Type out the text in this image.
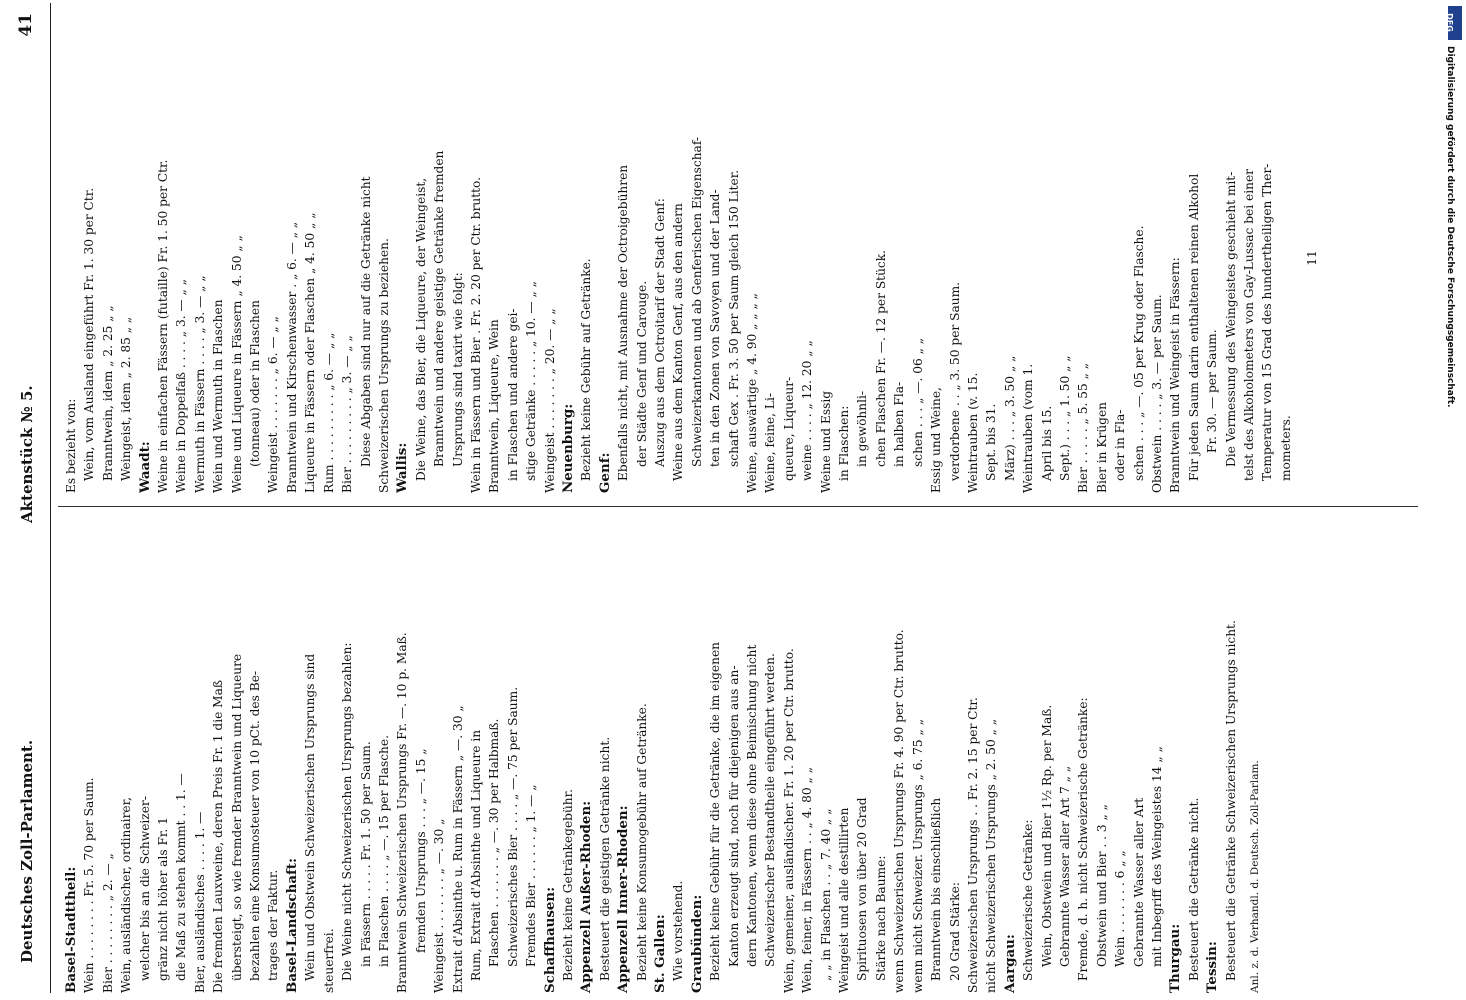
Deutsches Zoll-Parlament.
Aktenstück № 5.
41

Basel-Stadttheil: Wein . . . . . . . . Fr. 5. 70 per Saum. Bier . . . . . . . . „ 2. — „ Wein, ausländischer, ordinairer, welcher bis an die Schweizer- gränz nicht höher als Fr. 1 die Maß zu stehen kommt . . 1. — Bier, ausländisches . . . . 1. — Die fremden Lauxweine, deren Preis Fr. 1 die Maß übersteigt, so wie fremder Branntwein und Liqueure bezahlen eine Konsumosteuer von 10 pCt. des Be- trages der Faktur. Basel-Landschaft: Wein und Obstwein Schweizerischen Ursprungs sind steuerfrei. Die Weine nicht Schweizerischen Ursprungs bezahlen: in Fässern . . . . . Fr. 1. 50 per Saum. in Flaschen . . . . „ —. 15 per Flasche. Branntwein Schweizerischen Ursprungs Fr. —. 10 p. Maß. fremden Ursprungs . . . „ —. 15 „ Weingeist . . . . . . . „ —. 30 „ Extrait d'Absinthe u. Rum in Fässern „ —. 30 „ Rum, Extrait d'Absinthe und Liqueure in Flaschen . . . . . . . „ —. 30 per Halbmaß. Schweizerisches Bier . . . . „ —. 75 per Saum. Fremdes Bier . . . . . . „ 1. — „ Schaffhausen: Bezieht keine Getränkegebühr. Appenzell Außer-Rhoden: Besteuert die geistigen Getränke nicht. Appenzell Inner-Rhoden: Bezieht keine Konsumogebühr auf Getränke. St. Gallen: Wie vorstehend. Graubünden: Bezieht keine Gebühr für die Getränke, die im eigenen Kanton erzeugt sind, noch für diejenigen aus an- dern Kantonen, wenn diese ohne Beimischung nicht Schweizerischer Bestandtheile eingeführt werden. Wein, gemeiner, ausländischer. Fr. 1. 20 per Ctr. brutto. Wein, feiner, in Fässern . . „ 4. 80 „ „ „ „ in Flaschen . . „ 7. 40 „ „ Weingeist und alle destillirten Spirituosen von über 20 Grad Stärke nach Baume: wenn Schweizerischen Ursprungs Fr. 4. 90 per Ctr. brutto. wenn nicht Schweizer. Ursprungs „ 6. 75 „ „ Branntwein bis einschließlich 20 Grad Stärke: Schweizerischen Ursprungs . . Fr. 2. 15 per Ctr. nicht Schweizerischen Ursprungs „ 2. 50 „ „ Aargau: Schweizerische Getränke: Wein, Obstwein und Bier 1½ Rp. per Maß. Gebrannte Wasser aller Art 7 „ „ Fremde, d. h. nicht Schweizerische Getränke: Obstwein und Bier . . 3 „ „ Wein . . . . . . . 6 „ „ Gebrannte Wasser aller Art mit Inbegriff des Weingeistes 14 „ „ Thurgau: Besteuert die Getränke nicht. Tessin: Besteuert die Getränke Schweizerischen Ursprungs nicht. Anl. z. d. Verhandl. d. Deutsch. Zoll-Parlam.

Es bezieht von: Wein, vom Ausland eingeführt Fr. 1. 30 per Ctr. Branntwein, idem „ 2. 25 „ „ Weingeist, idem „ 2. 85 „ „ Waadt: Weine in einfachen Fässern (futaille) Fr. 1. 50 per Ctr. Weine in Doppelfaß . . . . „ 3. — „ „ Wermuth in Fässern . . . . „ 3. — „ „ Wein und Wermuth in Flaschen Weine und Liqueure in Fässern „ 4. 50 „ „ (tonneau) oder in Flaschen Weingeist . . . . . . . „ 6. — „ „ Branntwein und Kirschenwasser . „ 6. — „ „ Liqueure in Fässern oder Flaschen „ 4. 50 „ „ Rum . . . . . . . . . „ 6. — „ „ Bier . . . . . . . . . „ 3. — „ „ Diese Abgaben sind nur auf die Getränke nicht Schweizerischen Ursprungs zu beziehen. Wallis: Die Weine, das Bier, die Liqueure, der Weingeist, Branntwein und andere geistige Getränke fremden Ursprungs sind taxirt wie folgt: Wein in Fässern und Bier . Fr. 2. 20 per Ctr. brutto. Branntwein, Liqueure, Wein in Flaschen und andere gei- stige Getränke . . . . . „ 10. — „ „ Weingeist . . . . . . . „ 20. — „ „ Neuenburg: Bezieht keine Gebühr auf Getränke. Genf: Ebenfalls nicht, mit Ausnahme der Octroigebühren der Städte Genf und Carouge. Auszug aus dem Octroitarif der Stadt Genf: Weine aus dem Kanton Genf, aus den andern Schweizerkantonen und ab Genferischen Eigenschaf- ten in den Zonen von Savoyen und der Land- schaft Gex . Fr. 3. 50 per Saum gleich 150 Liter. Weine, auswärtige „ 4. 90 „ „ „ „ Weine, feine, Li- queure, Liqueur- weine . . . . „ 12. 20 „ „ Weine und Essig in Flaschen: in gewöhnli- chen Flaschen Fr. —. 12 per Stück. in halben Fla- schen . . . „ —. 06 „ „ Essig und Weine, verdorbene . . „ 3. 50 per Saum. Weintrauben (v. 15. Sept. bis 31. März) . . . „ 3. 50 „ „ Weintrauben (vom 1. April bis 15. Sept.) . . . „ 1. 50 „ „ Bier . . . . . „ 5. 55 „ „ Bier in Krügen oder in Fla- schen . . . „ —. 05 per Krug oder Flasche. Obstwein . . . . „ 3. — per Saum. Branntwein und Weingeist in Fässern: Für jeden Saum darin enthaltenen reinen Alkohol Fr. 30. — per Saum. Die Vermessung des Weingeistes geschieht mit- telst des Alkoholometers von Gay-Lussac bei einer Temperatur von 15 Grad des hundertheiligen Ther- mometers.

11

DFG
Digitalisierung gefördert durch die Deutsche Forschungsgemeinschaft.
